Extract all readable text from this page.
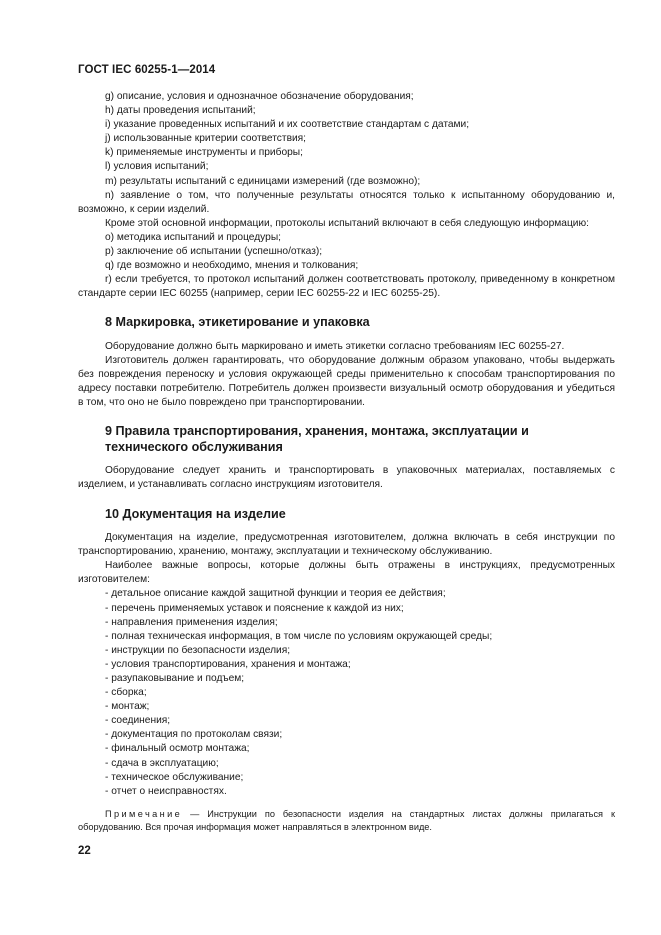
ГОСТ IEC 60255-1—2014

g) описание, условия и однозначное обозначение оборудования;

h) даты проведения испытаний;

i) указание проведенных испытаний и их соответствие стандартам с датами;

j) использованные критерии соответствия;

k) применяемые инструменты и приборы;

l) условия испытаний;

m) результаты испытаний с единицами измерений (где возможно);

n) заявление о том, что полученные результаты относятся только к испытанному оборудованию и, возможно, к серии изделий.

Кроме этой основной информации, протоколы испытаний включают в себя следующую информацию:

o) методика испытаний и процедуры;

p) заключение об испытании (успешно/отказ);

q) где возможно и необходимо, мнения и толкования;

r) если требуется, то протокол испытаний должен соответствовать протоколу, приведенному в конкретном стандарте серии IEC 60255 (например, серии IEC 60255-22 и IEC 60255-25).

8 Маркировка, этикетирование и упаковка

Оборудование должно быть маркировано и иметь этикетки согласно требованиям IEC 60255-27.

Изготовитель должен гарантировать, что оборудование должным образом упаковано, чтобы выдержать без повреждения переноску и условия окружающей среды применительно к способам транспортирования по адресу поставки потребителю. Потребитель должен произвести визуальный осмотр оборудования и убедиться в том, что оно не было повреждено при транспортировании.

9 Правила транспортирования, хранения, монтажа, эксплуатации и

технического обслуживания

Оборудование следует хранить и транспортировать в упаковочных материалах, поставляемых с изделием, и устанавливать согласно инструкциям изготовителя.

10 Документация на изделие

Документация на изделие, предусмотренная изготовителем, должна включать в себя инструкции по транспортированию, хранению, монтажу, эксплуатации и техническому обслуживанию.

Наиболее важные вопросы, которые должны быть отражены в инструкциях, предусмотренных изготовителем:

- детальное описание каждой защитной функции и теория ее действия;

- перечень применяемых уставок и пояснение к каждой из них;

- направления применения изделия;

- полная техническая информация, в том числе по условиям окружающей среды;

- инструкции по безопасности изделия;

- условия транспортирования, хранения и монтажа;

- разупаковывание и подъем;

- сборка;

- монтаж;

- соединения;

- документация по протоколам связи;

- финальный осмотр монтажа;

- сдача в эксплуатацию;

- техническое обслуживание;

- отчет о неисправностях.

Примечание — Инструкции по безопасности изделия на стандартных листах должны прилагаться к оборудованию. Вся прочая информация может направляться в электронном виде.

22
